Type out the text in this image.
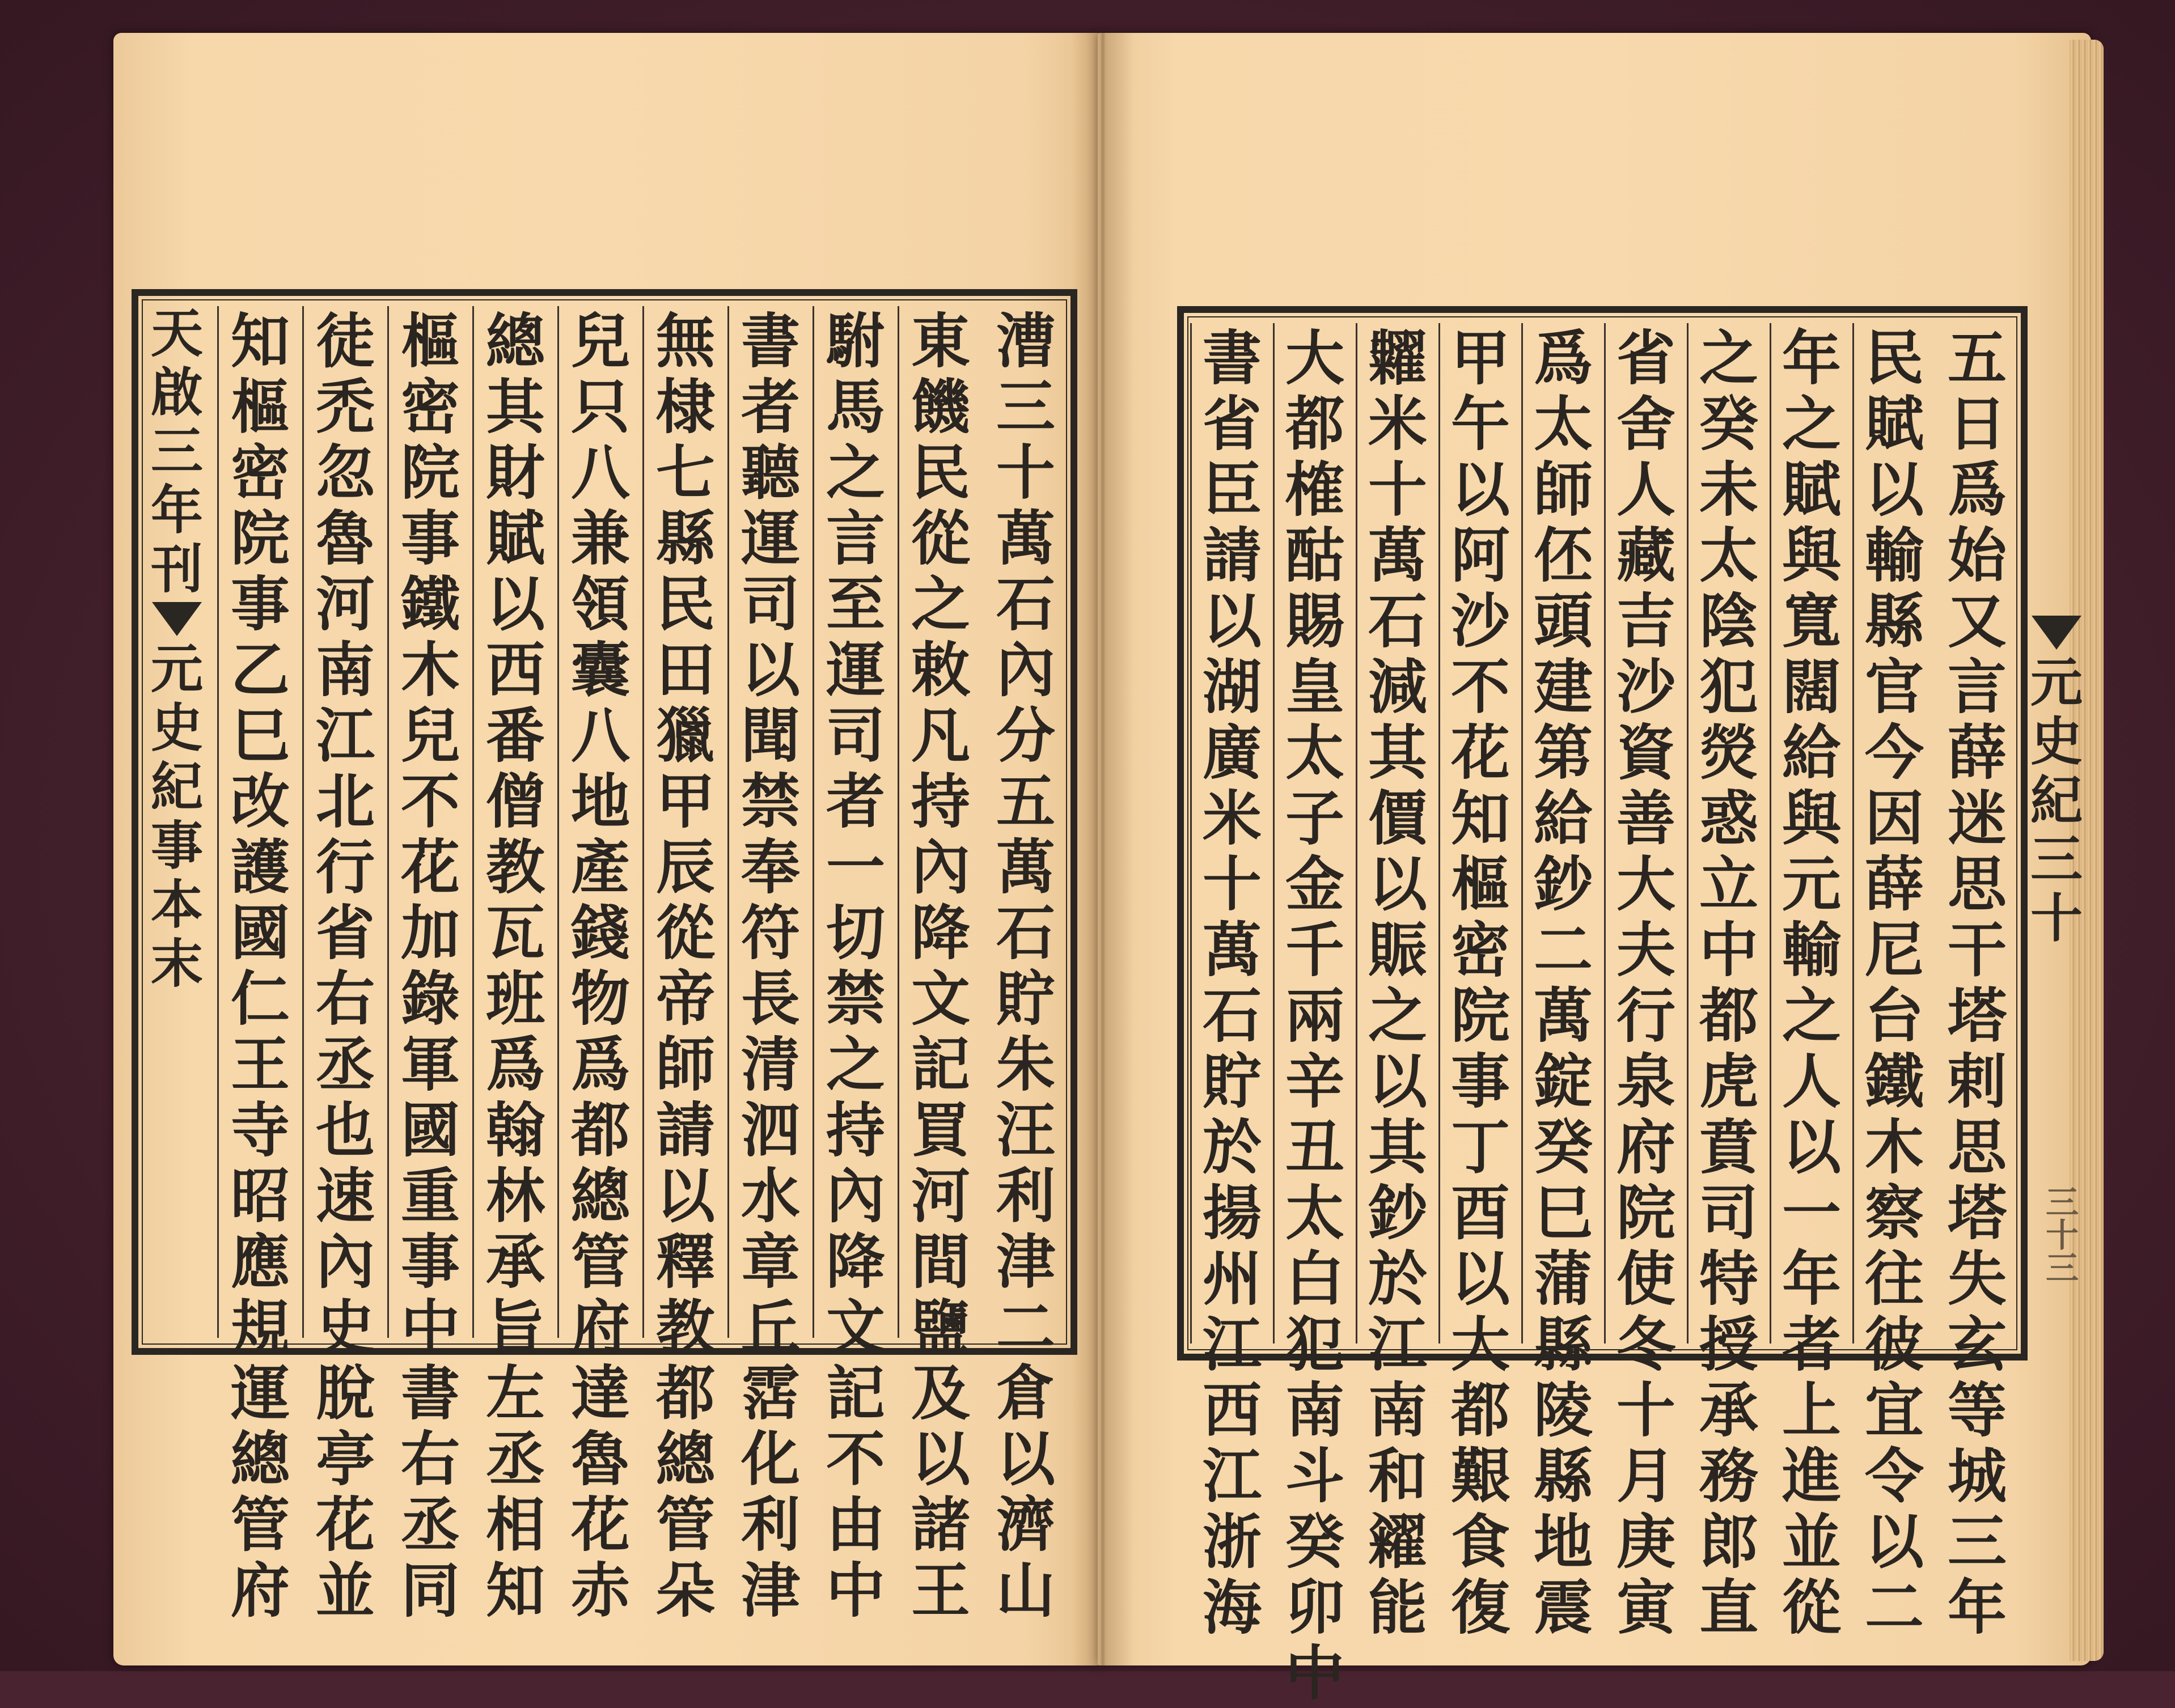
漕
三
十
萬
石
內
分
五
萬
石
貯
朱
汪
利
津
二
倉
以
濟
山
東
饑
民
從
之
敕
凡
持
內
降
文
記
買
河
間
鹽
及
以
諸
王
駙
馬
之
言
至
運
司
者
一
切
禁
之
持
內
降
文
記
不
由
中
書
者
聽
運
司
以
聞
禁
奉
符
長
清
泗
水
章
丘
霑
化
利
津
無
棣
七
縣
民
田
獵
甲
辰
從
帝
師
請
以
釋
教
都
總
管
朵
兒
只
八
兼
領
囊
八
地
產
錢
物
爲
都
總
管
府
達
魯
花
赤
總
其
財
賦
以
西
番
僧
教
瓦
班
爲
翰
林
承
旨
左
丞
相
知
樞
密
院
事
鐵
木
兒
不
花
加
錄
軍
國
重
事
中
書
右
丞
同
徒
禿
忽
魯
河
南
江
北
行
省
右
丞
也
速
內
史
脫
亭
花
並
知
樞
密
院
事
乙
巳
改
護
國
仁
王
寺
昭
應
規
運
總
管
府
天
啟
三
年
刊
元
史
紀
事
本
末
五
日
爲
始
又
言
薛
迷
思
干
塔
剌
思
塔
失
玄
等
城
三
年
民
賦
以
輸
縣
官
今
因
薛
尼
台
鐵
木
察
往
彼
宜
令
以
二
年
之
賦
與
寬
闊
給
與
元
輸
之
人
以
一
年
者
上
進
並
從
之
癸
未
太
陰
犯
熒
惑
立
中
都
虎
賁
司
特
授
承
務
郎
直
省
舍
人
藏
吉
沙
資
善
大
夫
行
泉
府
院
使
冬
十
月
庚
寅
爲
太
師
伾
頭
建
第
給
鈔
二
萬
錠
癸
巳
蒲
縣
陵
縣
地
震
甲
午
以
阿
沙
不
花
知
樞
密
院
事
丁
酉
以
大
都
艱
食
復
糶
米
十
萬
石
減
其
價
以
賑
之
以
其
鈔
於
江
南
和
糴
能
大
都
榷
酤
賜
皇
太
子
金
千
兩
辛
丑
太
白
犯
南
斗
癸
卯
中
書
省
臣
請
以
湖
廣
米
十
萬
石
貯
於
揚
州
江
西
江
浙
海
三十三
元
史
紀
三
十
